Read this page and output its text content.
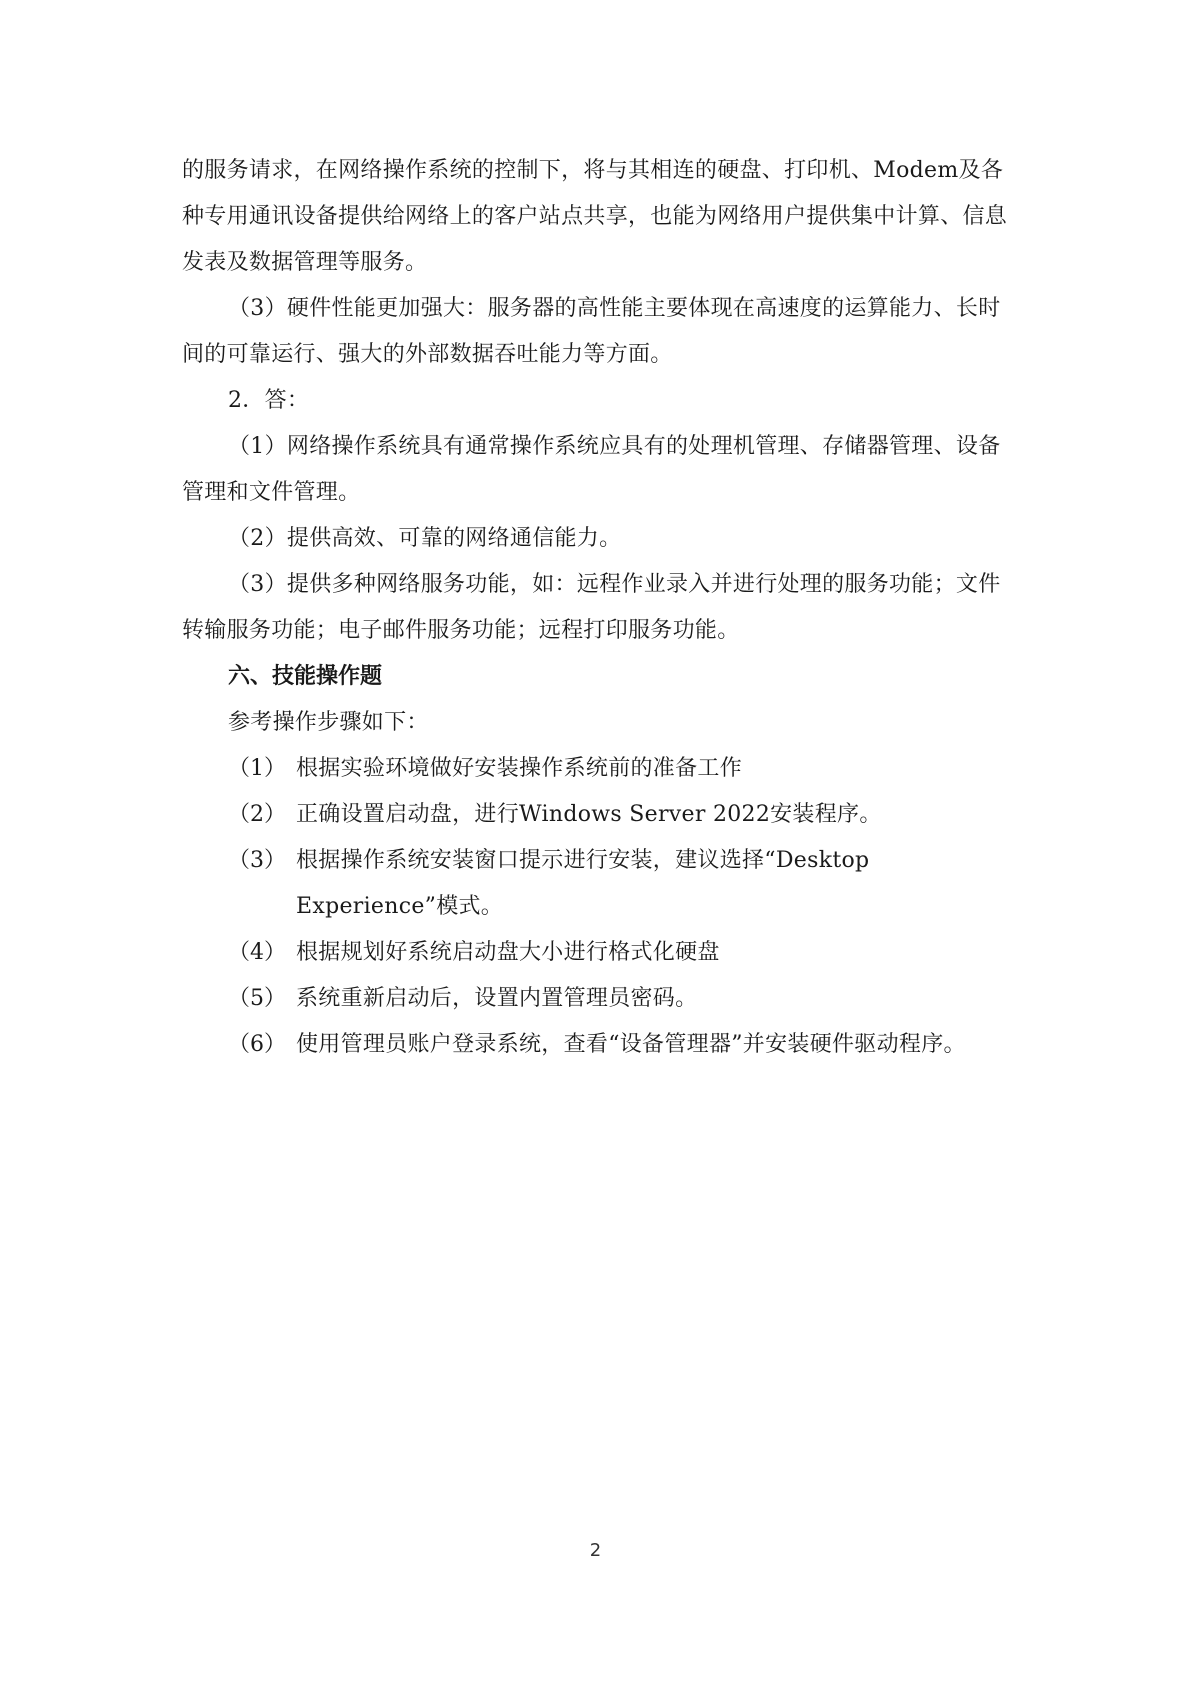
的服务请求，在网络操作系统的控制下，将与其相连的硬盘、打印机、Modem及各种专用通讯设备提供给网络上的客户站点共享，也能为网络用户提供集中计算、信息发表及数据管理等服务。

（3）硬件性能更加强大：服务器的高性能主要体现在高速度的运算能力、长时间的可靠运行、强大的外部数据吞吐能力等方面。

2．答：

（1）网络操作系统具有通常操作系统应具有的处理机管理、存储器管理、设备管理和文件管理。

（2）提供高效、可靠的网络通信能力。

（3）提供多种网络服务功能，如：远程作业录入并进行处理的服务功能；文件转输服务功能；电子邮件服务功能；远程打印服务功能。

六、技能操作题

参考操作步骤如下：

（1） 根据实验环境做好安装操作系统前的准备工作
（2） 正确设置启动盘，进行Windows Server 2022安装程序。
（3） 根据操作系统安装窗口提示进行安装，建议选择“Desktop Experience”模式。
（4） 根据规划好系统启动盘大小进行格式化硬盘
（5） 系统重新启动后，设置内置管理员密码。
（6） 使用管理员账户登录系统，查看“设备管理器”并安装硬件驱动程序。
2
